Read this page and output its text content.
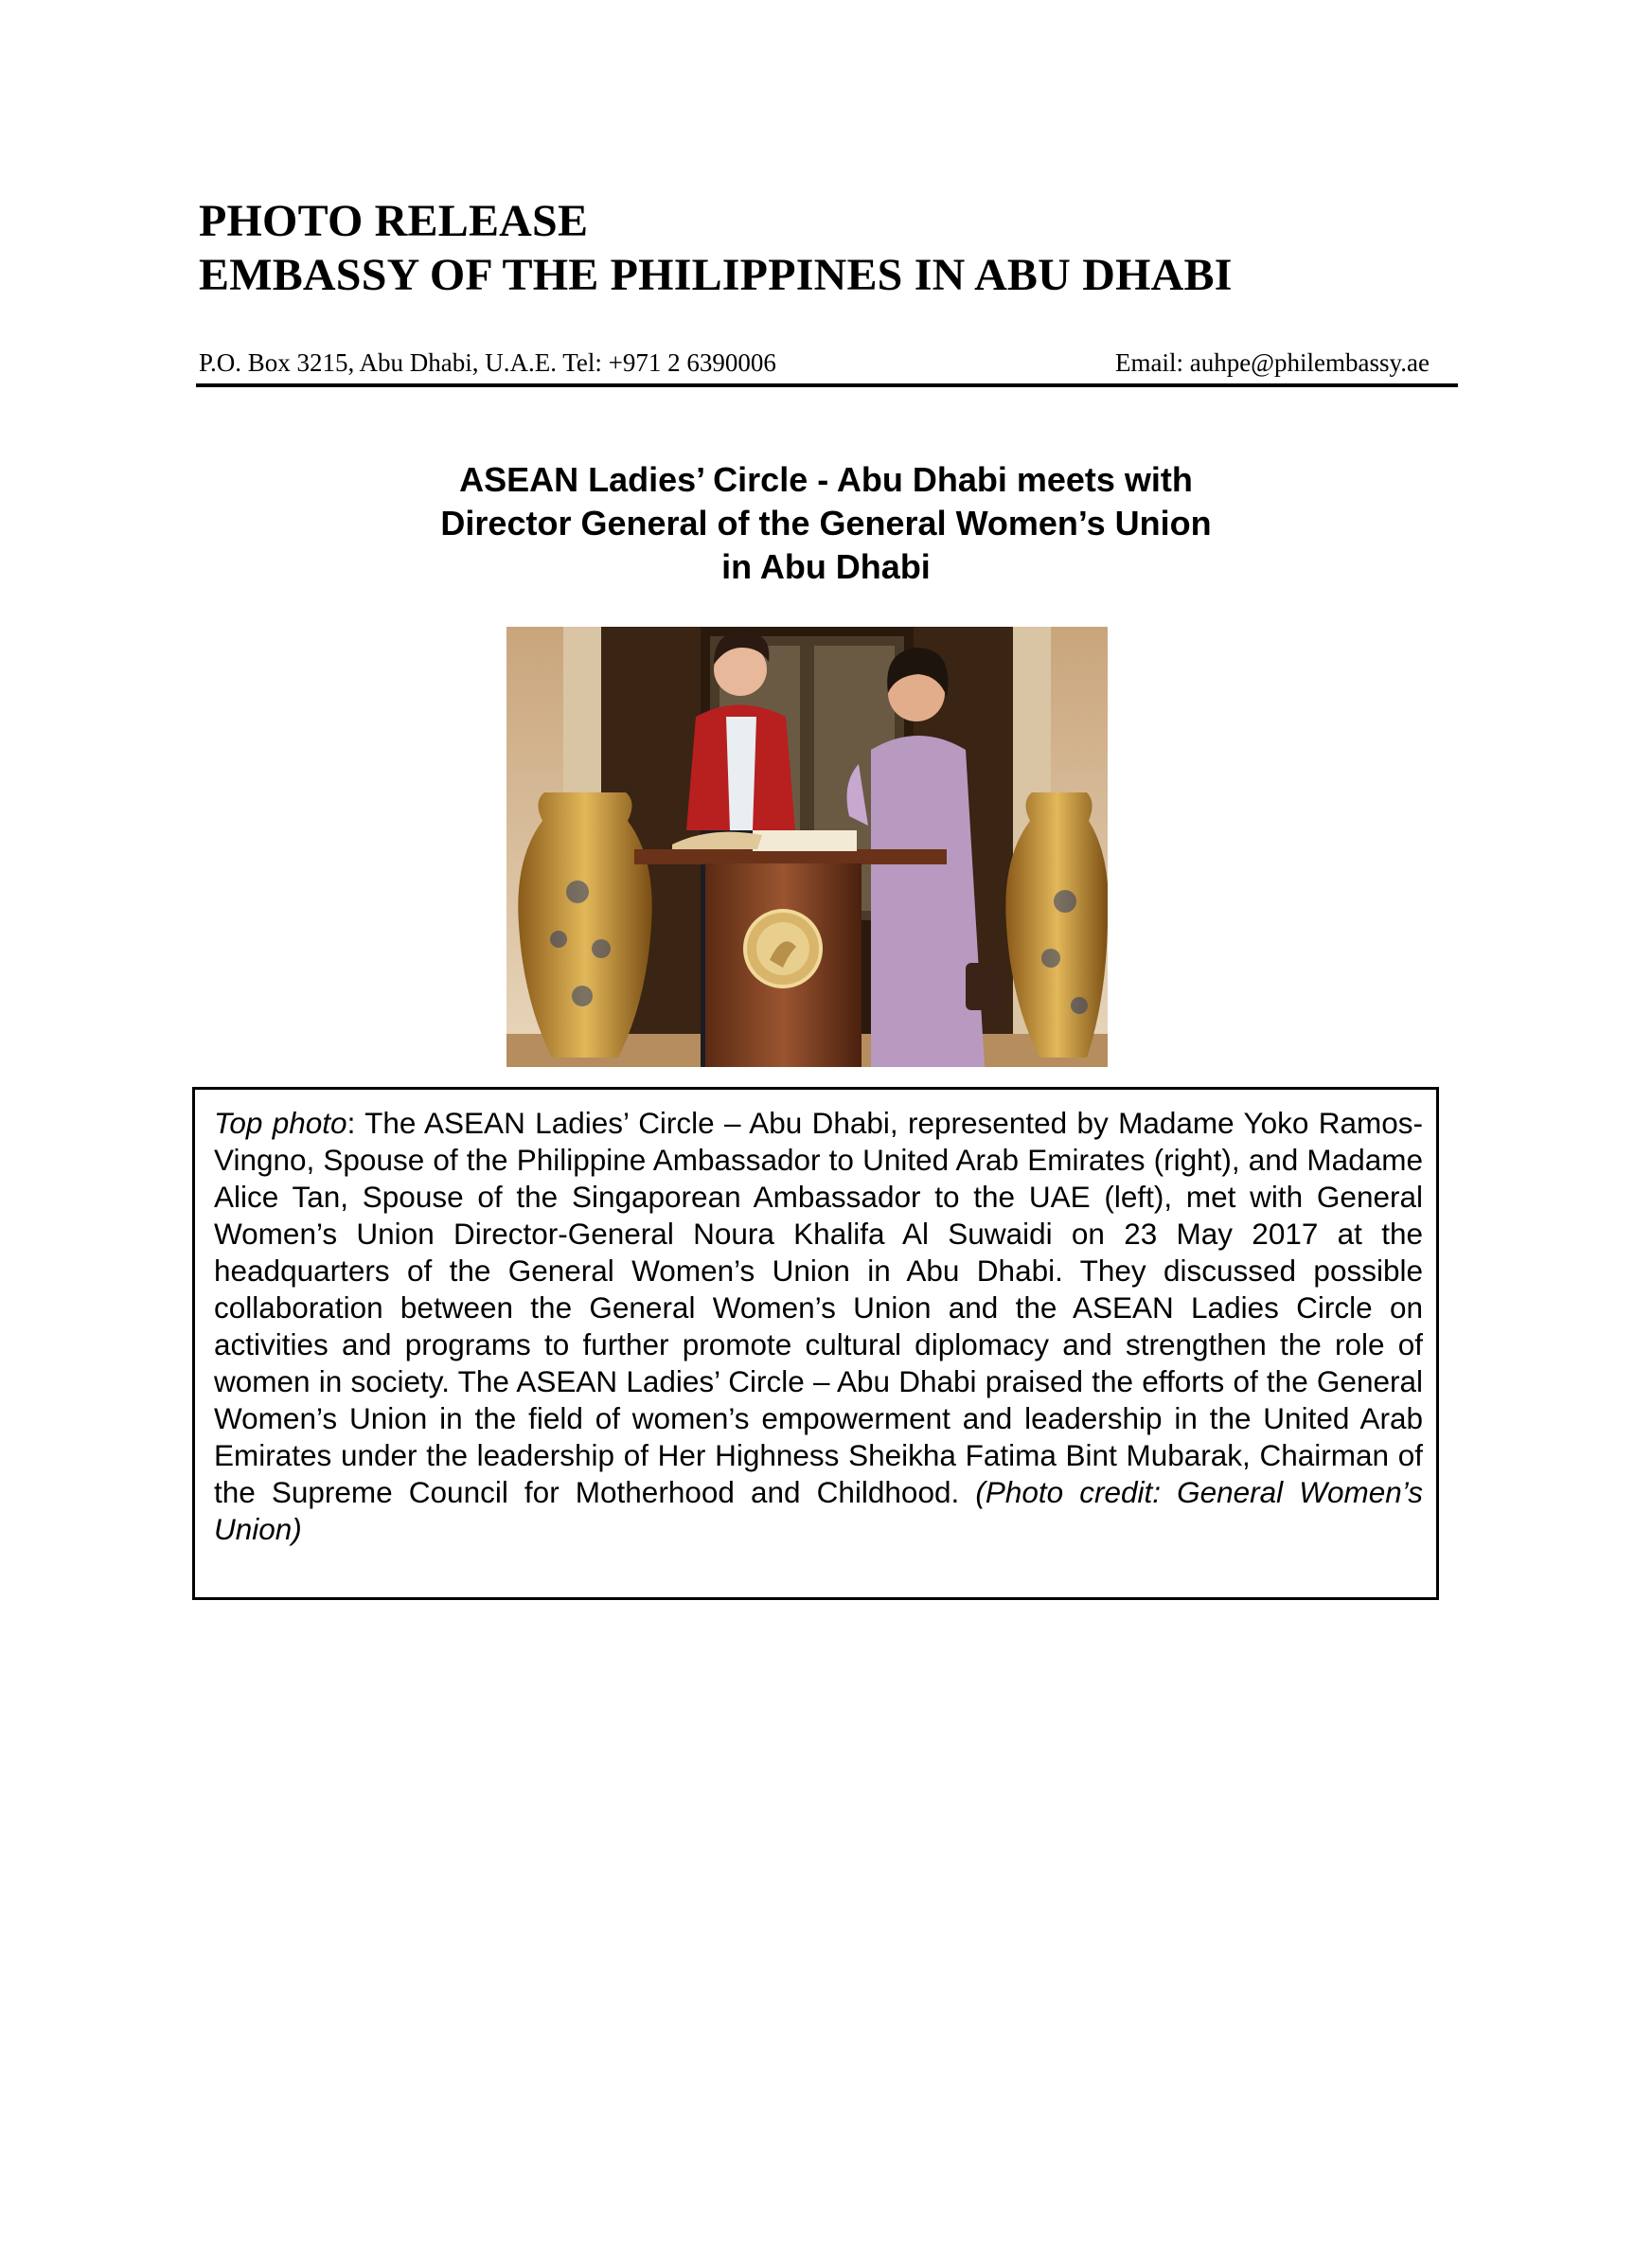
PHOTO RELEASE
EMBASSY OF THE PHILIPPINES IN ABU DHABI
P.O. Box 3215, Abu Dhabi, U.A.E. Tel: +971 2 6390006	Email: auhpe@philembassy.ae
ASEAN Ladies’ Circle - Abu Dhabi meets with
Director General of the General Women’s Union
in Abu Dhabi

Top photo: The ASEAN Ladies’ Circle – Abu Dhabi, represented by Madame Yoko Ramos-Vingno, Spouse of the Philippine Ambassador to United Arab Emirates (right), and Madame Alice Tan, Spouse of the Singaporean Ambassador to the UAE (left), met with General Women’s Union Director-General Noura Khalifa Al Suwaidi on 23 May 2017 at the headquarters of the General Women’s Union in Abu Dhabi. They discussed possible collaboration between the General Women’s Union and the ASEAN Ladies Circle on activities and programs to further promote cultural diplomacy and strengthen the role of women in society. The ASEAN Ladies’ Circle – Abu Dhabi praised the efforts of the General Women’s Union in the field of women’s empowerment and leadership in the United Arab Emirates under the leadership of Her Highness Sheikha Fatima Bint Mubarak, Chairman of the Supreme Council for Motherhood and Childhood. (Photo credit: General Women’s Union)
